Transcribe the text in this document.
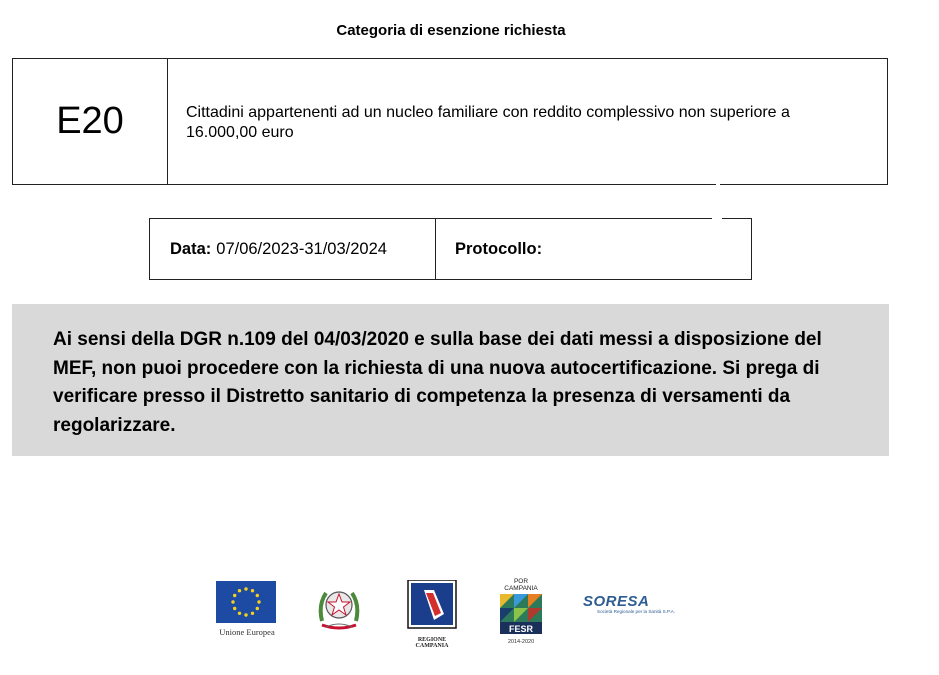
Categoria di esenzione richiesta
E20	Cittadini appartenenti ad un nucleo familiare con reddito complessivo non superiore a 16.000,00 euro
Data: 07/06/2023-31/03/2024	Protocollo:
Ai sensi della DGR n.109 del 04/03/2020 e sulla base dei dati messi a disposizione del MEF, non puoi procedere con la richiesta di una nuova autocertificazione. Si prega di verificare presso il Distretto sanitario di competenza la presenza di versamenti da regolarizzare.
Unione Europea
REGIONE CAMPANIA
POR CAMPANIA
FESR
2014-2020
SORESA
Società Regionale per la Sanità S.P.A.
